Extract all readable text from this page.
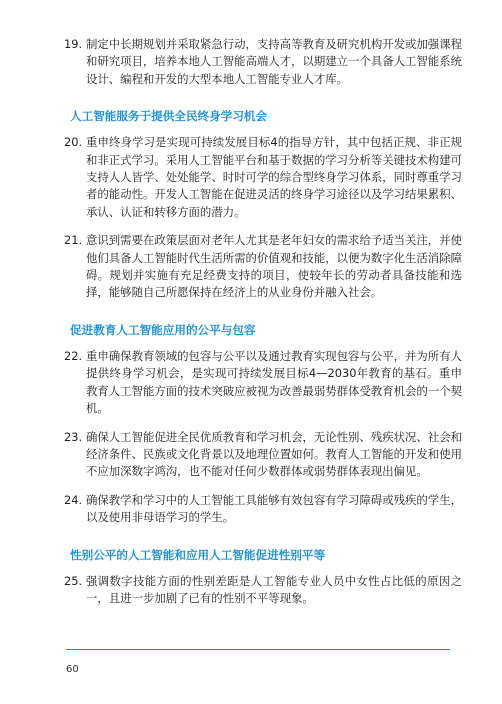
19. 制定中长期规划并采取紧急行动，支持高等教育及研究机构开发或加强课程和研究项目，培养本地人工智能高端人才，以期建立一个具备人工智能系统设计、编程和开发的大型本地人工智能专业人才库。
人工智能服务于提供全民终身学习机会
20. 重申终身学习是实现可持续发展目标4的指导方针，其中包括正规、非正规和非正式学习。采用人工智能平台和基于数据的学习分析等关键技术构建可支持人人皆学、处处能学、时时可学的综合型终身学习体系，同时尊重学习者的能动性。开发人工智能在促进灵活的终身学习途径以及学习结果累积、承认、认证和转移方面的潜力。
21. 意识到需要在政策层面对老年人尤其是老年妇女的需求给予适当关注，并使他们具备人工智能时代生活所需的价值观和技能，以便为数字化生活消除障碍。规划并实施有充足经费支持的项目，使较年长的劳动者具备技能和选择，能够随自己所愿保持在经济上的从业身份并融入社会。
促进教育人工智能应用的公平与包容
22. 重申确保教育领域的包容与公平以及通过教育实现包容与公平，并为所有人提供终身学习机会，是实现可持续发展目标4—2030年教育的基石。重申教育人工智能方面的技术突破应被视为改善最弱势群体受教育机会的一个契机。
23. 确保人工智能促进全民优质教育和学习机会，无论性别、残疾状况、社会和经济条件、民族或文化背景以及地理位置如何。教育人工智能的开发和使用不应加深数字鸿沟，也不能对任何少数群体或弱势群体表现出偏见。
24. 确保教学和学习中的人工智能工具能够有效包容有学习障碍或残疾的学生，以及使用非母语学习的学生。
性别公平的人工智能和应用人工智能促进性别平等
25. 强调数字技能方面的性别差距是人工智能专业人员中女性占比低的原因之一，且进一步加剧了已有的性别不平等现象。
60
